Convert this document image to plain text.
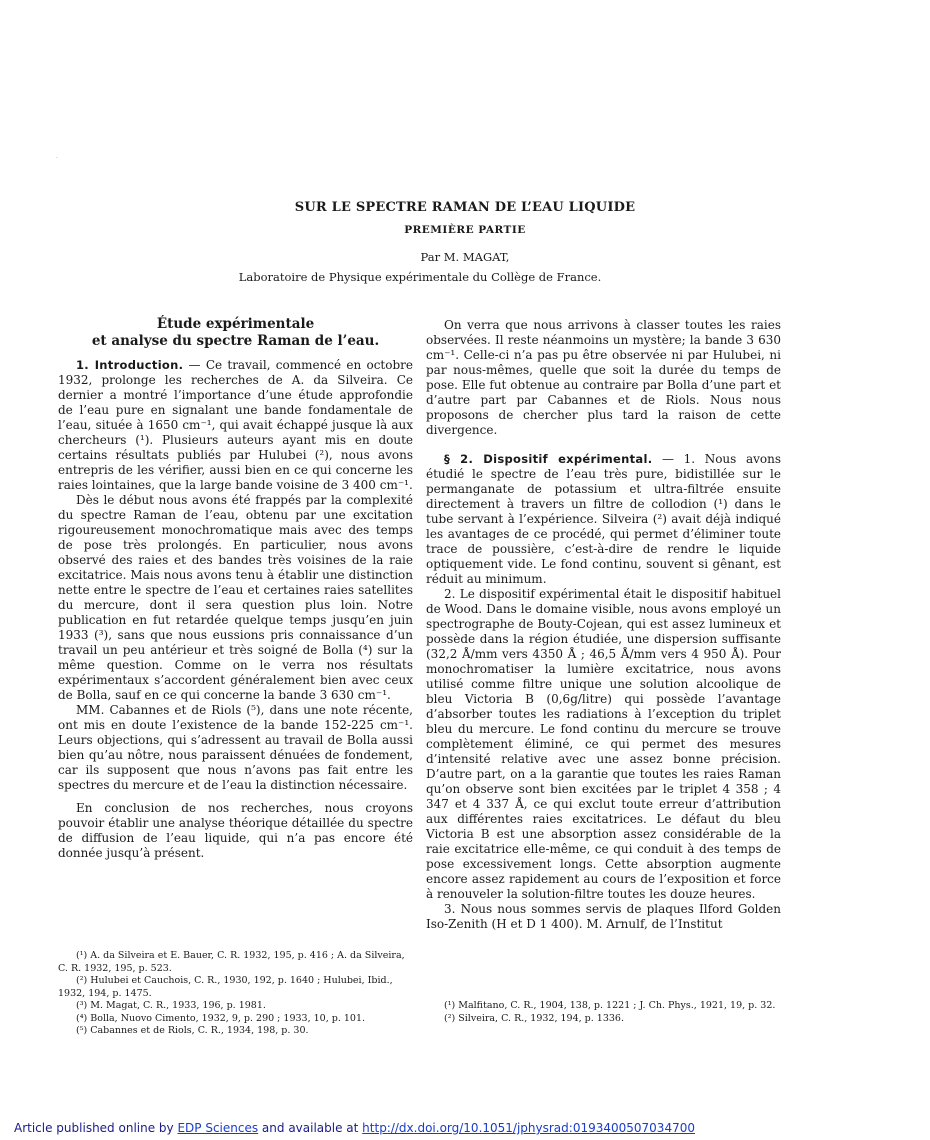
·
SUR LE SPECTRE RAMAN DE L’EAU LIQUIDE
PREMIÈRE PARTIE
Par M. MAGAT,
Laboratoire de Physique expérimentale du Collège de France.
Étude expérimentale
et analyse du spectre Raman de l’eau.

1. Introduction. — Ce travail, commencé en octobre 1932, prolonge les recherches de A. da Silveira. Ce dernier a montré l’importance d’une étude approfondie de l’eau pure en signalant une bande fondamentale de l’eau, située à 1650 cm⁻¹, qui avait échappé jusque là aux chercheurs (¹). Plusieurs auteurs ayant mis en doute certains résultats publiés par Hulubei (²), nous avons entrepris de les vérifier, aussi bien en ce qui concerne les raies lointaines, que la large bande voisine de 3 400 cm⁻¹.

Dès le début nous avons été frappés par la complexité du spectre Raman de l’eau, obtenu par une excitation rigoureusement monochromatique mais avec des temps de pose très prolongés. En particulier, nous avons observé des raies et des bandes très voisines de la raie excitatrice. Mais nous avons tenu à établir une distinction nette entre le spectre de l’eau et certaines raies satellites du mercure, dont il sera question plus loin. Notre publication en fut retardée quelque temps jusqu’en juin 1933 (³), sans que nous eussions pris connaissance d’un travail un peu antérieur et très soigné de Bolla (⁴) sur la même question. Comme on le verra nos résultats expérimentaux s’accordent généralement bien avec ceux de Bolla, sauf en ce qui concerne la bande 3 630 cm⁻¹.

MM. Cabannes et de Riols (⁵), dans une note récente, ont mis en doute l’existence de la bande 152-225 cm⁻¹. Leurs objections, qui s’adressent au travail de Bolla aussi bien qu’au nôtre, nous paraissent dénuées de fondement, car ils supposent que nous n’avons pas fait entre les spectres du mercure et de l’eau la distinction nécessaire.

En conclusion de nos recherches, nous croyons pouvoir établir une analyse théorique détaillée du spectre de diffusion de l’eau liquide, qui n’a pas encore été donnée jusqu’à présent.

(¹) A. da Silveira et E. Bauer, C. R. 1932, 195, p. 416 ; A. da Silveira, C. R. 1932, 195, p. 523.

(²) Hulubei et Cauchois, C. R., 1930, 192, p. 1640 ; Hulubei, Ibid., 1932, 194, p. 1475.

(³) M. Magat, C. R., 1933, 196, p. 1981.

(⁴) Bolla, Nuovo Cimento, 1932, 9, p. 290 ; 1933, 10, p. 101.

(⁵) Cabannes et de Riols, C. R., 1934, 198, p. 30.

On verra que nous arrivons à classer toutes les raies observées. Il reste néanmoins un mystère; la bande 3 630 cm⁻¹. Celle-ci n’a pas pu être observée ni par Hulubei, ni par nous-mêmes, quelle que soit la durée du temps de pose. Elle fut obtenue au contraire par Bolla d’une part et d’autre part par Cabannes et de Riols. Nous nous proposons de chercher plus tard la raison de cette divergence.

§ 2. Dispositif expérimental. — 1. Nous avons étudié le spectre de l’eau très pure, bidistillée sur le permanganate de potassium et ultra-filtrée ensuite directement à travers un filtre de collodion (¹) dans le tube servant à l’expérience. Silveira (²) avait déjà indiqué les avantages de ce procédé, qui permet d’éliminer toute trace de poussière, c’est-à-dire de rendre le liquide optiquement vide. Le fond continu, souvent si gênant, est réduit au minimum.

2. Le dispositif expérimental était le dispositif habituel de Wood. Dans le domaine visible, nous avons employé un spectrographe de Bouty-Cojean, qui est assez lumineux et possède dans la région étudiée, une dispersion suffisante (32,2 Å/mm vers 4350 Å ; 46,5 Å/mm vers 4 950 Å). Pour monochromatiser la lumière excitatrice, nous avons utilisé comme filtre unique une solution alcoolique de bleu Victoria B (0,6g/litre) qui possède l’avantage d’absorber toutes les radiations à l’exception du triplet bleu du mercure. Le fond continu du mercure se trouve complètement éliminé, ce qui permet des mesures d’intensité relative avec une assez bonne précision. D’autre part, on a la garantie que toutes les raies Raman qu’on observe sont bien excitées par le triplet 4 358 ; 4 347 et 4 337 Å, ce qui exclut toute erreur d’attribution aux différentes raies excitatrices. Le défaut du bleu Victoria B est une absorption assez considérable de la raie excitatrice elle-même, ce qui conduit à des temps de pose excessivement longs. Cette absorption augmente encore assez rapidement au cours de l’exposition et force à renouveler la solution-filtre toutes les douze heures.

3. Nous nous sommes servis de plaques Ilford Golden Iso-Zenith (H et D 1 400). M. Arnulf, de l’Institut

(¹) Malfitano, C. R., 1904, 138, p. 1221 ; J. Ch. Phys., 1921, 19, p. 32.

(²) Silveira, C. R., 1932, 194, p. 1336.

Article published online by EDP Sciences and available at http://dx.doi.org/10.1051/jphysrad:0193400507034700
